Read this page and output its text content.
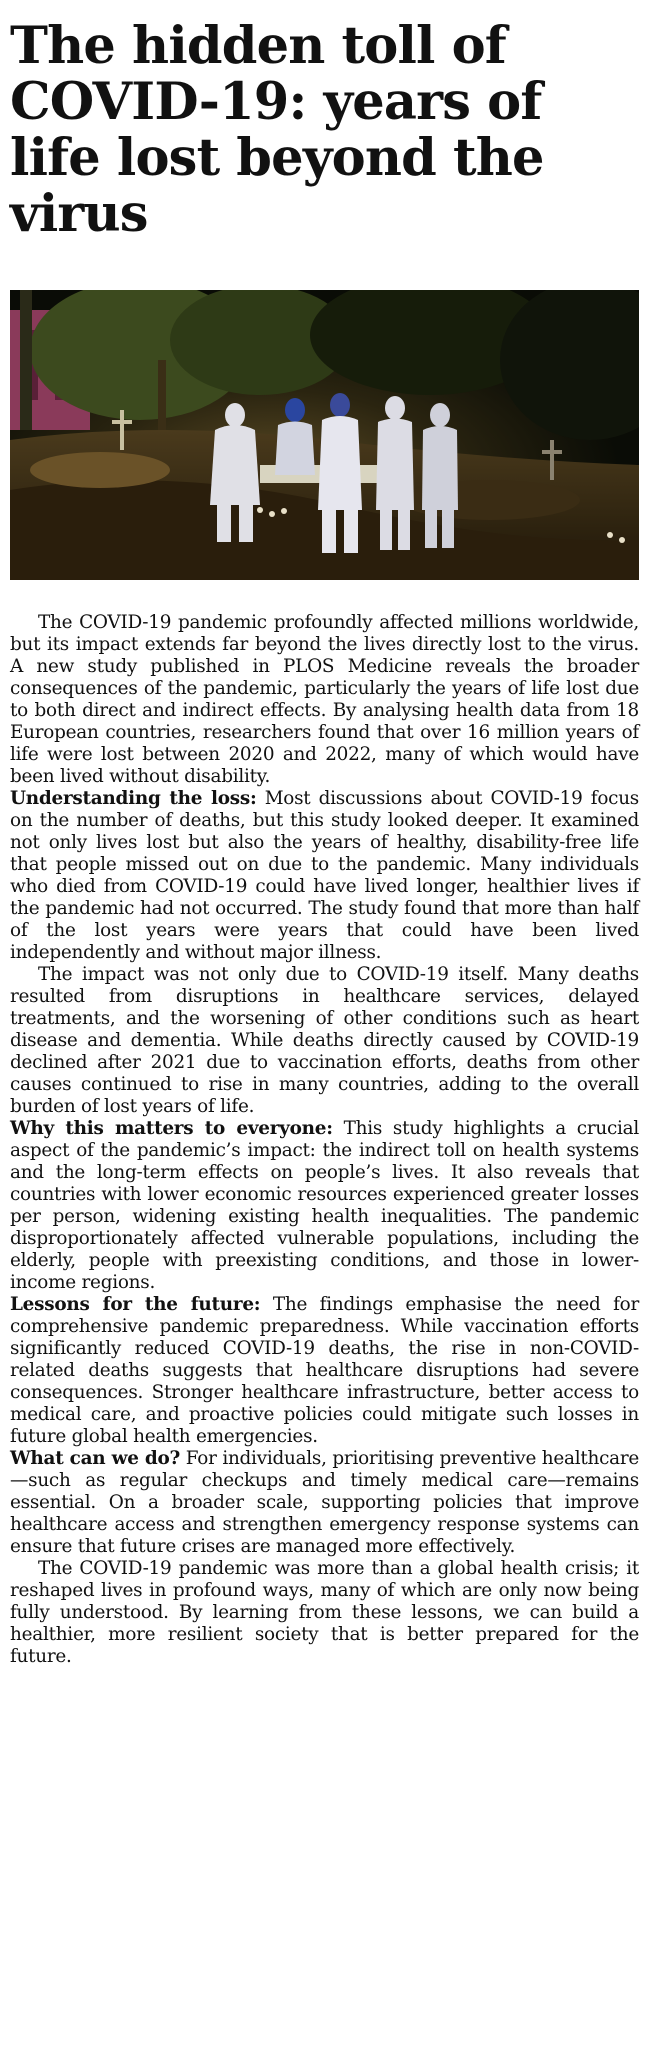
The hidden toll of COVID-19: years of life lost beyond the virus

The COVID-19 pandemic profoundly affected millions worldwide, but its impact extends far beyond the lives directly lost to the virus. A new study published in PLOS Medicine reveals the broader consequences of the pandemic, particularly the years of life lost due to both direct and indirect effects. By analysing health data from 18 European countries, researchers found that over 16 million years of life were lost between 2020 and 2022, many of which would have been lived without disability.

Understanding the loss: Most discussions about COVID-19 focus on the number of deaths, but this study looked deeper. It examined not only lives lost but also the years of healthy, disability-free life that people missed out on due to the pandemic. Many individuals who died from COVID-19 could have lived longer, healthier lives if the pandemic had not occurred. The study found that more than half of the lost years were years that could have been lived independently and without major illness.

The impact was not only due to COVID-19 itself. Many deaths resulted from disruptions in healthcare services, delayed treatments, and the worsening of other conditions such as heart disease and dementia. While deaths directly caused by COVID-19 declined after 2021 due to vaccination efforts, deaths from other causes continued to rise in many countries, adding to the overall burden of lost years of life.

Why this matters to everyone: This study highlights a crucial aspect of the pandemic’s impact: the indirect toll on health systems and the long-term effects on people’s lives. It also reveals that countries with lower economic resources experienced greater losses per person, widening existing health inequalities. The pandemic disproportionately affected vulnerable populations, including the elderly, people with preexisting conditions, and those in lower-income regions.

Lessons for the future: The findings emphasise the need for comprehensive pandemic preparedness. While vaccination efforts significantly reduced COVID-19 deaths, the rise in non-COVID-related deaths suggests that healthcare disruptions had severe consequences. Stronger healthcare infrastructure, better access to medical care, and proactive policies could mitigate such losses in future global health emergencies.

What can we do? For individuals, prioritising preventive healthcare—such as regular checkups and timely medical care—remains essential. On a broader scale, supporting policies that improve healthcare access and strengthen emergency response systems can ensure that future crises are managed more effectively.

The COVID-19 pandemic was more than a global health crisis; it reshaped lives in profound ways, many of which are only now being fully understood. By learning from these lessons, we can build a healthier, more resilient society that is better prepared for the future.
